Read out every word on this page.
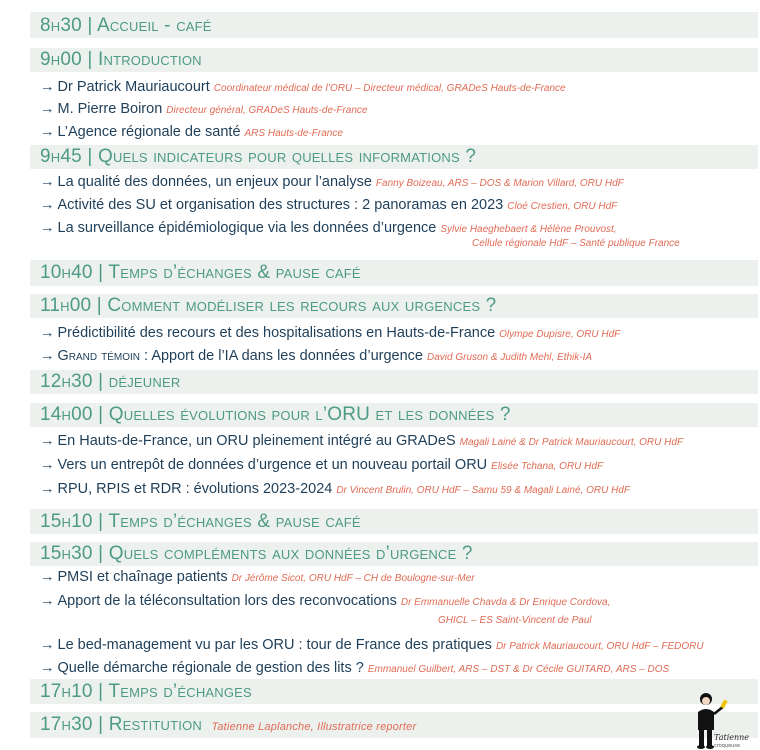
8h30 | Accueil - café
9h00 | Introduction
9h45 | Quels indicateurs pour quelles informations ?
10h40 | Temps d’échanges & pause café
11h00 | Comment modéliser les recours aux urgences ?
12h30 | déjeuner
14h00 | Quelles évolutions pour l’ORU et les données ?
15h10 | Temps d’échanges & pause café
15h30 | Quels compléments aux données d’urgence ?
17h10 | Temps d’échanges
17h30 | Restitution Tatienne Laplanche, Illustratrice reporter
→ Dr Patrick Mauriaucourt Coordinateur médical de l’ORU – Directeur médical, GRADeS Hauts-de-France
→ M. Pierre Boiron Directeur général, GRADeS Hauts-de-France
→ L’Agence régionale de santé ARS Hauts-de-France
→ La qualité des données, un enjeux pour l’analyse Fanny Boizeau, ARS – DOS & Marion Villard, ORU HdF
→ Activité des SU et organisation des structures : 2 panoramas en 2023 Cloé Crestien, ORU HdF
→ La surveillance épidémiologique via les données d’urgence Sylvie Haeghebaert & Hélène Prouvost,
Cellule régionale HdF – Santé publique France
→ Prédictibilité des recours et des hospitalisations en Hauts-de-France Olympe Dupisre, ORU HdF
→ Grand témoin : Apport de l’IA dans les données d’urgence David Gruson & Judith Mehl, Ethik-IA
→ En Hauts-de-France, un ORU pleinement intégré au GRADeS Magali Lainé & Dr Patrick Mauriaucourt, ORU HdF
→ Vers un entrepôt de données d’urgence et un nouveau portail ORU Elisée Tchana, ORU HdF
→ RPU, RPIS et RDR : évolutions 2023-2024 Dr Vincent Brulin, ORU HdF – Samu 59 & Magali Lainé, ORU HdF
→ PMSI et chaînage patients Dr Jérôme Sicot, ORU HdF – CH de Boulogne-sur-Mer
→ Apport de la téléconsultation lors des reconvocations Dr Emmanuelle Chavda & Dr Enrique Cordova,
GHICL – ES Saint-Vincent de Paul
→ Le bed-management vu par les ORU : tour de France des pratiques Dr Patrick Mauriaucourt, ORU HdF – FEDORU
→ Quelle démarche régionale de gestion des lits ? Emmanuel Guilbert, ARS – DST & Dr Cécile GUITARD, ARS – DOS
Tatienne
croqueuse
